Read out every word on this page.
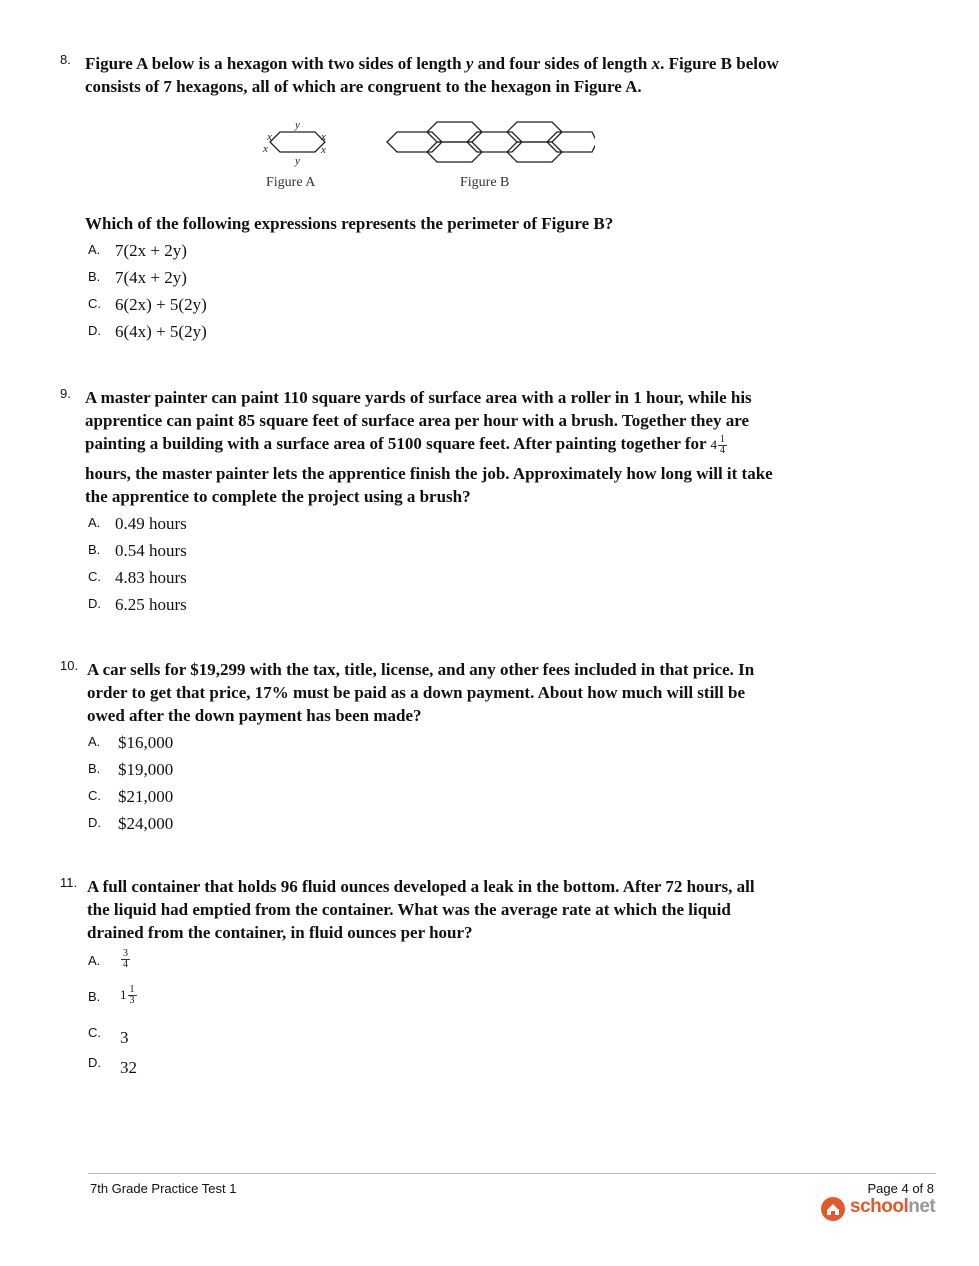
8. Figure A below is a hexagon with two sides of length y and four sides of length x. Figure B below consists of 7 hexagons, all of which are congruent to the hexagon in Figure A.
y
x	x
x	x
y
Figure A	Figure B
Which of the following expressions represents the perimeter of Figure B?
A. 7(2x + 2y)
B. 7(4x + 2y)
C. 6(2x) + 5(2y)
D. 6(4x) + 5(2y)
9. A master painter can paint 110 square yards of surface area with a roller in 1 hour, while his apprentice can paint 85 square feet of surface area per hour with a brush. Together they are painting a building with a surface area of 5100 square feet. After painting together for $4 \frac{1}{4}$
hours, the master painter lets the apprentice finish the job. Approximately how long will it take the apprentice to complete the project using a brush?
A. 0.49 hours
B. 0.54 hours
C. 4.83 hours
D. 6.25 hours
10. A car sells for $19,299 with the tax, title, license, and any other fees included in that price. In order to get that price, 17% must be paid as a down payment. About how much will still be owed after the down payment has been made?
A. $16,000
B. $19,000
C. $21,000
D. $24,000
11. A full container that holds 96 fluid ounces developed a leak in the bottom. After 72 hours, all the liquid had emptied from the container. What was the average rate at which the liquid drained from the container, in fluid ounces per hour?
A. $\frac{3}{4}$
B. $1 \frac{1}{3}$
C. 3
D. 32
7th Grade Practice Test 1	Page 4 of 8
schoolnet
